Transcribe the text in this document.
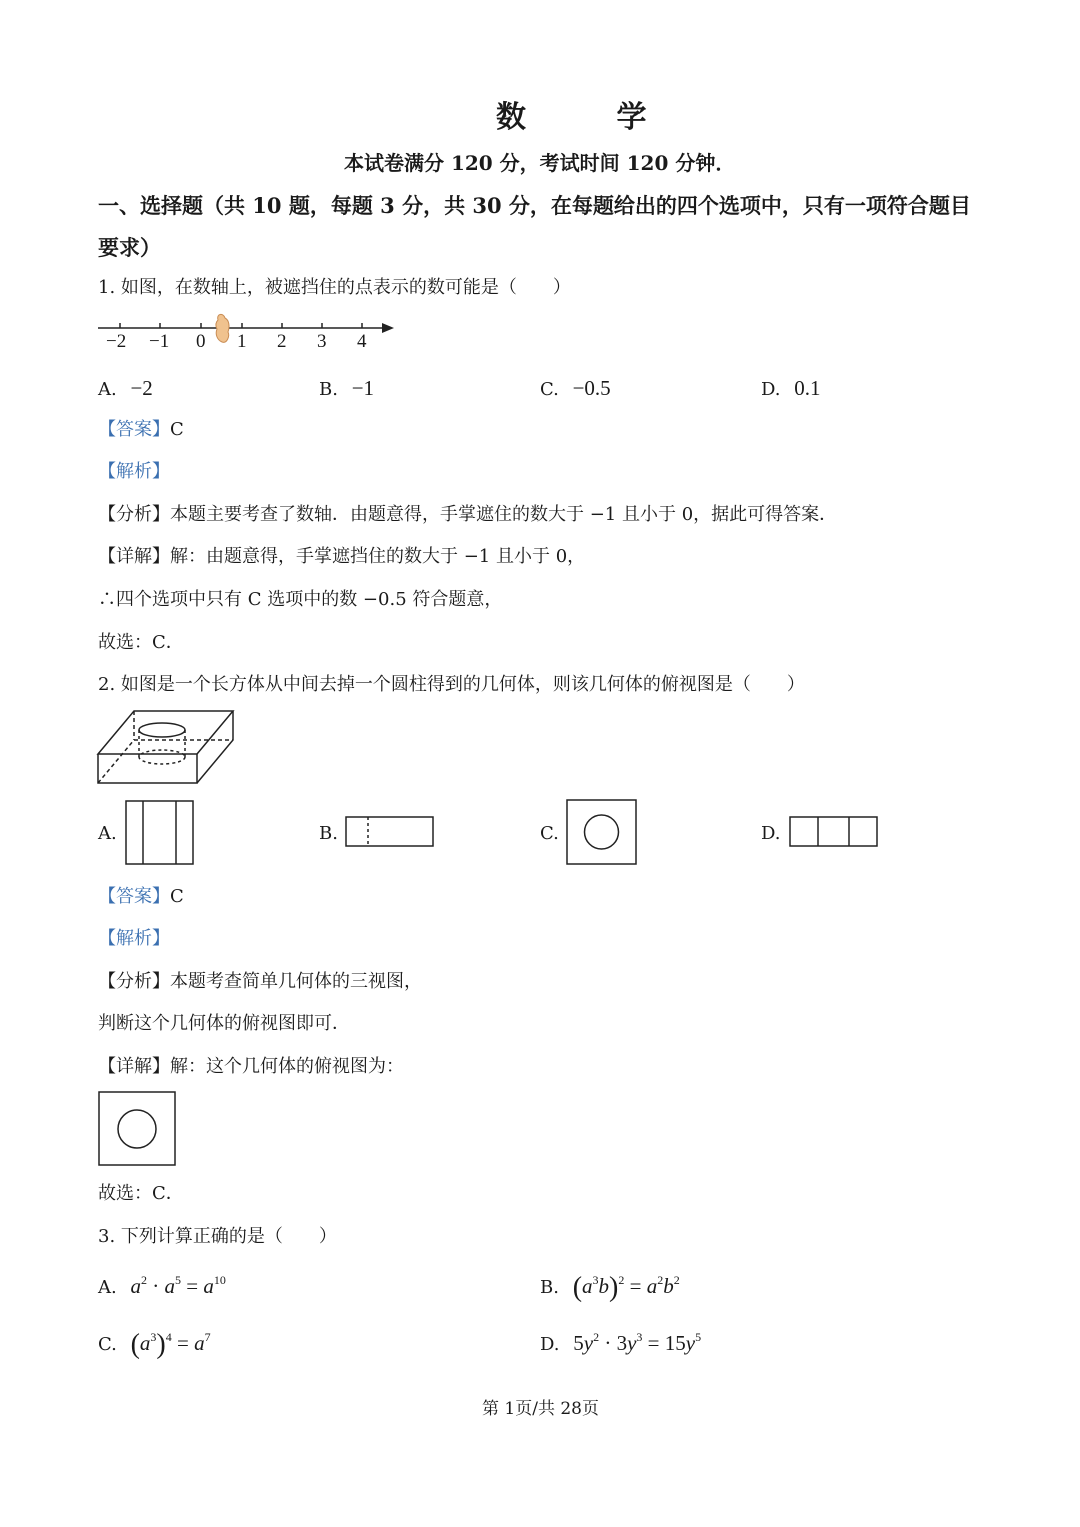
数 学
本试卷满分 120 分，考试时间 120 分钟．
一、选择题（共 10 题，每题 3 分，共 30 分，在每题给出的四个选项中，只有一项符合题目
要求）
1. 如图，在数轴上，被遮挡住的点表示的数可能是（　　）
−2 −1 0 1 2 3 4
A. −2	B. −1	C. −0.5	D. 0.1
【答案】C
【解析】
【分析】本题主要考查了数轴．由题意得，手掌遮住的数大于 −1 且小于 0，据此可得答案．
【详解】解：由题意得，手掌遮挡住的数大于 −1 且小于 0，
∴四个选项中只有 C 选项中的数 −0.5 符合题意，
故选：C．
2. 如图是一个长方体从中间去掉一个圆柱得到的几何体，则该几何体的俯视图是（　　）
A.	B.	C.	D.
【答案】C
【解析】
【分析】本题考查简单几何体的三视图，
判断这个几何体的俯视图即可．
【详解】解：这个几何体的俯视图为：
故选：C．
3. 下列计算正确的是（　　）
A. $a^2 \cdot a^5 = a^{10}$	B. $(a^3b)^2 = a^2b^2$
C. $(a^3)^4 = a^7$	D. $5y^2 \cdot 3y^3 = 15y^5$
第 1页/共 28页
